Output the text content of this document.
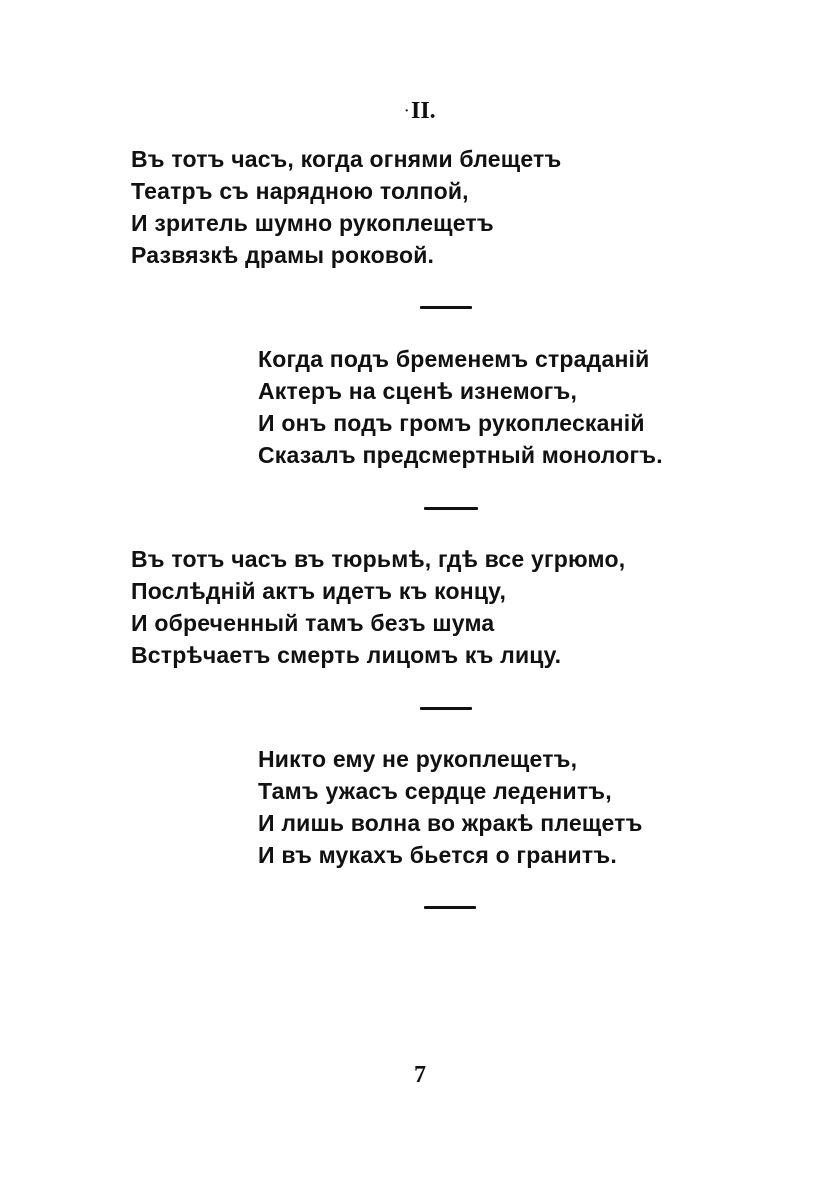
·II.
Въ тотъ часъ, когда огнями блещетъ
Театръ съ нарядною толпой,
И зритель шумно рукоплещетъ
Развязкѣ драмы роковой.
Когда подъ бременемъ страданій
Актеръ на сценѣ изнемогъ,
И онъ подъ громъ рукоплесканій
Сказалъ предсмертный монологъ.
Въ тотъ часъ въ тюрьмѣ, гдѣ все угрюмо,
Послѣдній актъ идетъ къ концу,
И обреченный тамъ безъ шума
Встрѣчаетъ смерть лицомъ къ лицу.
Никто ему не рукоплещетъ,
Тамъ ужасъ сердце леденитъ,
И лишь волна во жракѣ плещетъ
И въ мукахъ бьется о гранитъ.
7
